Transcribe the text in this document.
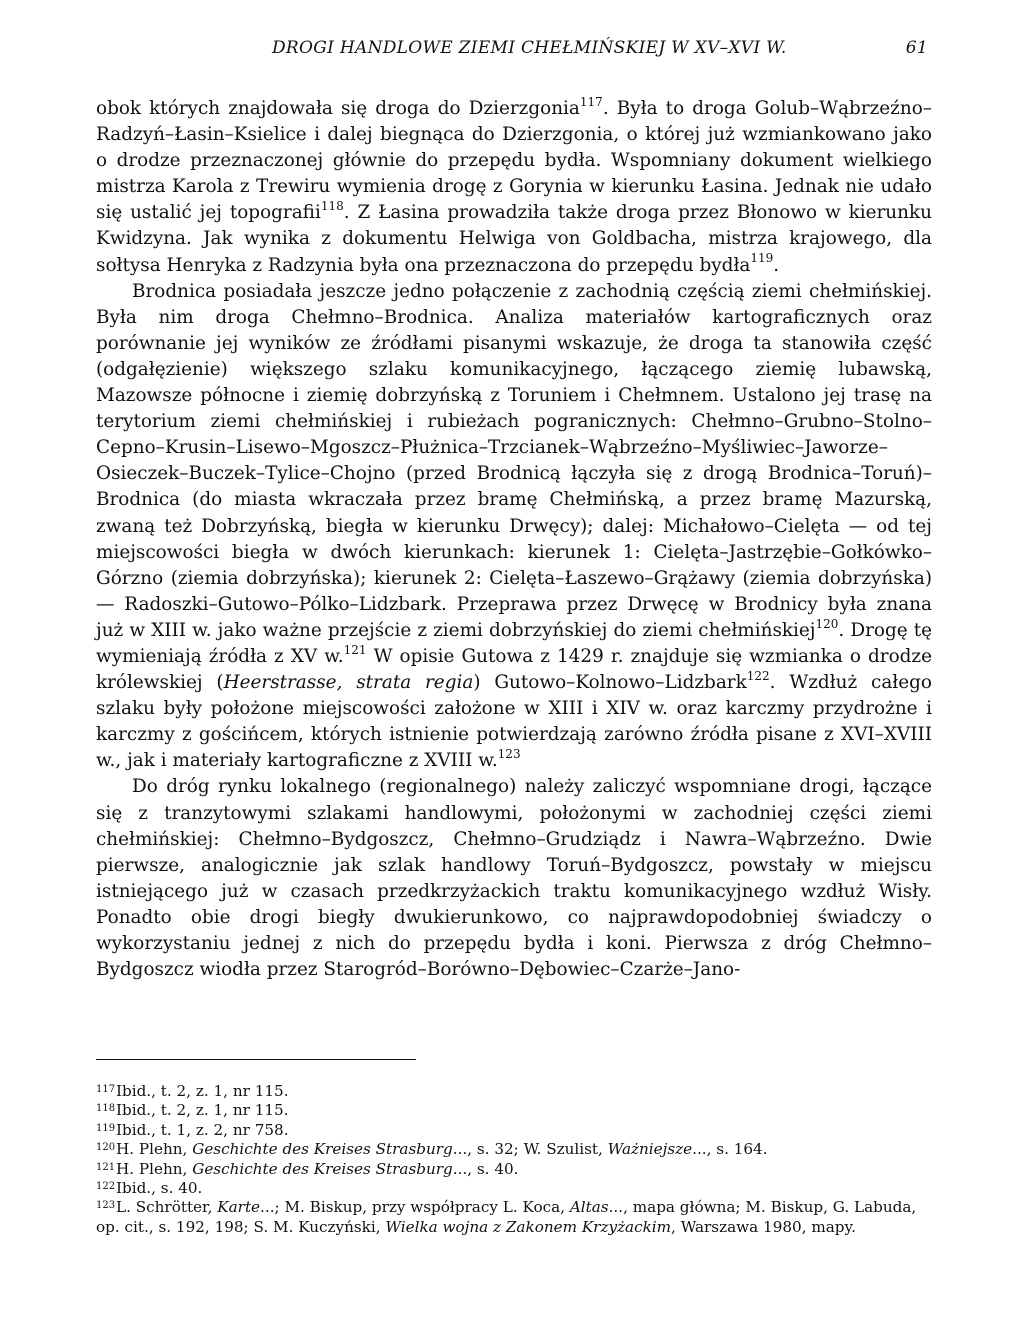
DROGI HANDLOWE ZIEMI CHEŁMIŃSKIEJ W XV–XVI W.	61

obok których znajdowała się droga do Dzierzgonia$^{117}$. Była to droga Golub–Wąbrzeźno–Radzyń–Łasin–Ksielice i dalej biegnąca do Dzierzgonia, o której już wzmiankowano jako o drodze przeznaczonej głównie do przepędu bydła. Wspomniany dokument wielkiego mistrza Karola z Trewiru wymienia drogę z Gorynia w kierunku Łasina. Jednak nie udało się ustalić jej topografii$^{118}$. Z Łasina prowadziła także droga przez Błonowo w kierunku Kwidzyna. Jak wynika z dokumentu Helwiga von Goldbacha, mistrza krajowego, dla sołtysa Henryka z Radzynia była ona przeznaczona do przepędu bydła$^{119}$.

Brodnica posiadała jeszcze jedno połączenie z zachodnią częścią ziemi chełmińskiej. Była nim droga Chełmno–Brodnica. Analiza materiałów kartograficznych oraz porównanie jej wyników ze źródłami pisanymi wskazuje, że droga ta stanowiła część (odgałęzienie) większego szlaku komunikacyjnego, łączącego ziemię lubawską, Mazowsze północne i ziemię dobrzyńską z Toruniem i Chełmnem. Ustalono jej trasę na terytorium ziemi chełmińskiej i rubieżach pogranicznych: Chełmno–Grubno–Stolno–Cepno–Krusin–Lisewo–Mgoszcz–Płużnica–Trzcianek–Wąbrzeźno–Myśliwiec–Jaworze–Osieczek–Buczek–Tylice–Chojno (przed Brodnicą łączyła się z drogą Brodnica–Toruń)–Brodnica (do miasta wkraczała przez bramę Chełmińską, a przez bramę Mazurską, zwaną też Dobrzyńską, biegła w kierunku Drwęcy); dalej: Michałowo–Cielęta — od tej miejscowości biegła w dwóch kierunkach: kierunek 1: Cielęta–Jastrzębie–Gołkówko–Górzno (ziemia dobrzyńska); kierunek 2: Cielęta–Łaszewo–Grążawy (ziemia dobrzyńska) — Radoszki–Gutowo–Pólko–Lidzbark. Przeprawa przez Drwęcę w Brodnicy była znana już w XIII w. jako ważne przejście z ziemi dobrzyńskiej do ziemi chełmińskiej$^{120}$. Drogę tę wymieniają źródła z XV w.$^{121}$ W opisie Gutowa z 1429 r. znajduje się wzmianka o drodze królewskiej (Heerstrasse, strata regia) Gutowo–Kolnowo–Lidzbark$^{122}$. Wzdłuż całego szlaku były położone miejscowości założone w XIII i XIV w. oraz karczmy przydrożne i karczmy z gościńcem, których istnienie potwierdzają zarówno źródła pisane z XVI–XVIII w., jak i materiały kartograficzne z XVIII w.$^{123}$

Do dróg rynku lokalnego (regionalnego) należy zaliczyć wspomniane drogi, łączące się z tranzytowymi szlakami handlowymi, położonymi w zachodniej części ziemi chełmińskiej: Chełmno–Bydgoszcz, Chełmno–Grudziądz i Nawra–Wąbrzeźno. Dwie pierwsze, analogicznie jak szlak handlowy Toruń–Bydgoszcz, powstały w miejscu istniejącego już w czasach przedkrzyżackich traktu komunikacyjnego wzdłuż Wisły. Ponadto obie drogi biegły dwukierunkowo, co najprawdopodobniej świadczy o wykorzystaniu jednej z nich do przepędu bydła i koni. Pierwsza z dróg Chełmno–Bydgoszcz wiodła przez Starogród–Borówno–Dębowiec–Czarże–Jano-

117Ibid., t. 2, z. 1, nr 115.

118Ibid., t. 2, z. 1, nr 115.

119Ibid., t. 1, z. 2, nr 758.

120H. Plehn, Geschichte des Kreises Strasburg..., s. 32; W. Szulist, Ważniejsze..., s. 164.

121H. Plehn, Geschichte des Kreises Strasburg..., s. 40.

122Ibid., s. 40.

123L. Schrötter, Karte...; M. Biskup, przy współpracy L. Koca, Altas..., mapa główna; M. Biskup, G. Labuda, op. cit., s. 192, 198; S. M. Kuczyński, Wielka wojna z Zakonem Krzyżackim, Warszawa 1980, mapy.
